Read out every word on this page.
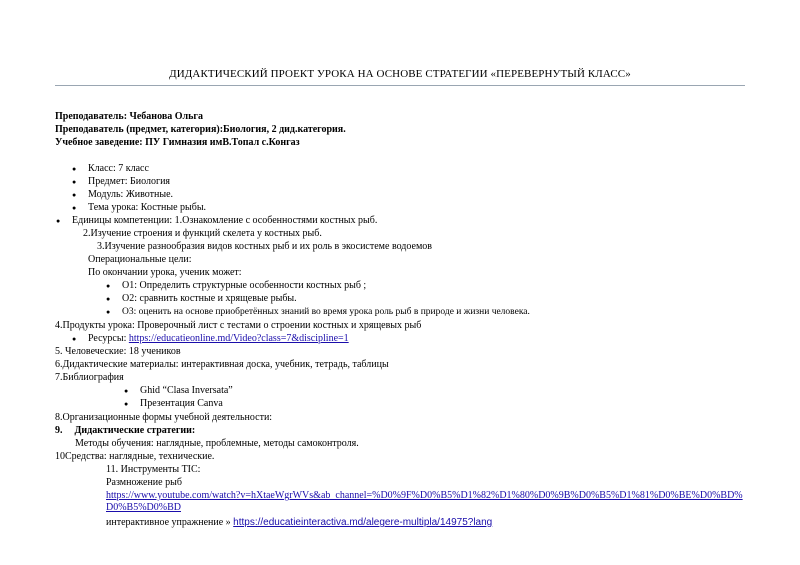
ДИДАКТИЧЕСКИЙ ПРОЕКТ УРОКА НА ОСНОВЕ СТРАТЕГИИ «ПЕРЕВЕРНУТЫЙ КЛАСС»
Преподаватель: Чебанова Ольга
Преподаватель (предмет, категория):Биология, 2 дид.категория.
Учебное заведение: ПУ Гимназия имВ.Топал с.Конгаз
● Класс: 7 класс
● Предмет: Биология
● Модуль: Животные.
● Тема урока: Костные рыбы.
● Единицы компетенции: 1.Ознакомление с особенностями костных рыб.
2.Изучение строения и функций скелета у костных рыб.
3.Изучение разнообразия видов костных рыб и их роль в экосистеме водоемов
Операциональные цели:
По окончании урока, ученик может:
● О1: Определить структурные особенности костных рыб ;
● О2: сравнить костные и хрящевые рыбы.
● О3: оценить на основе приобретённых знаний во время урока роль рыб в природе и жизни человека.
4.Продукты урока: Проверочный лист с тестами о строении костных и хрящевых рыб
● Ресурсы: https://educatieonline.md/Video?class=7&discipline=1
5. Человеческие: 18 учеников
6.Дидактические материалы: интерактивная доска, учебник, тетрадь, таблицы
7.Библиография
● Ghid “Clasa Inversata”
● Презентация Canva
8.Организационные формы учебной деятельности:
9. Дидактические стратегии:
Методы обучения: наглядные, проблемные, методы самоконтроля.
10Средства: наглядные, технические.
11. Инструменты TIC:
Размножение рыб
https://www.youtube.com/watch?v=hXtaeWgrWVs&ab_channel=%D0%9F%D0%B5%D1%82%D1%80%D0%9B%D0%B5%D1%81%D0%BE%D0%BD%D0%B5%D0%BD
интерактивное упражнение » https://educatieinteractiva.md/alegere-multipla/14975?lang
